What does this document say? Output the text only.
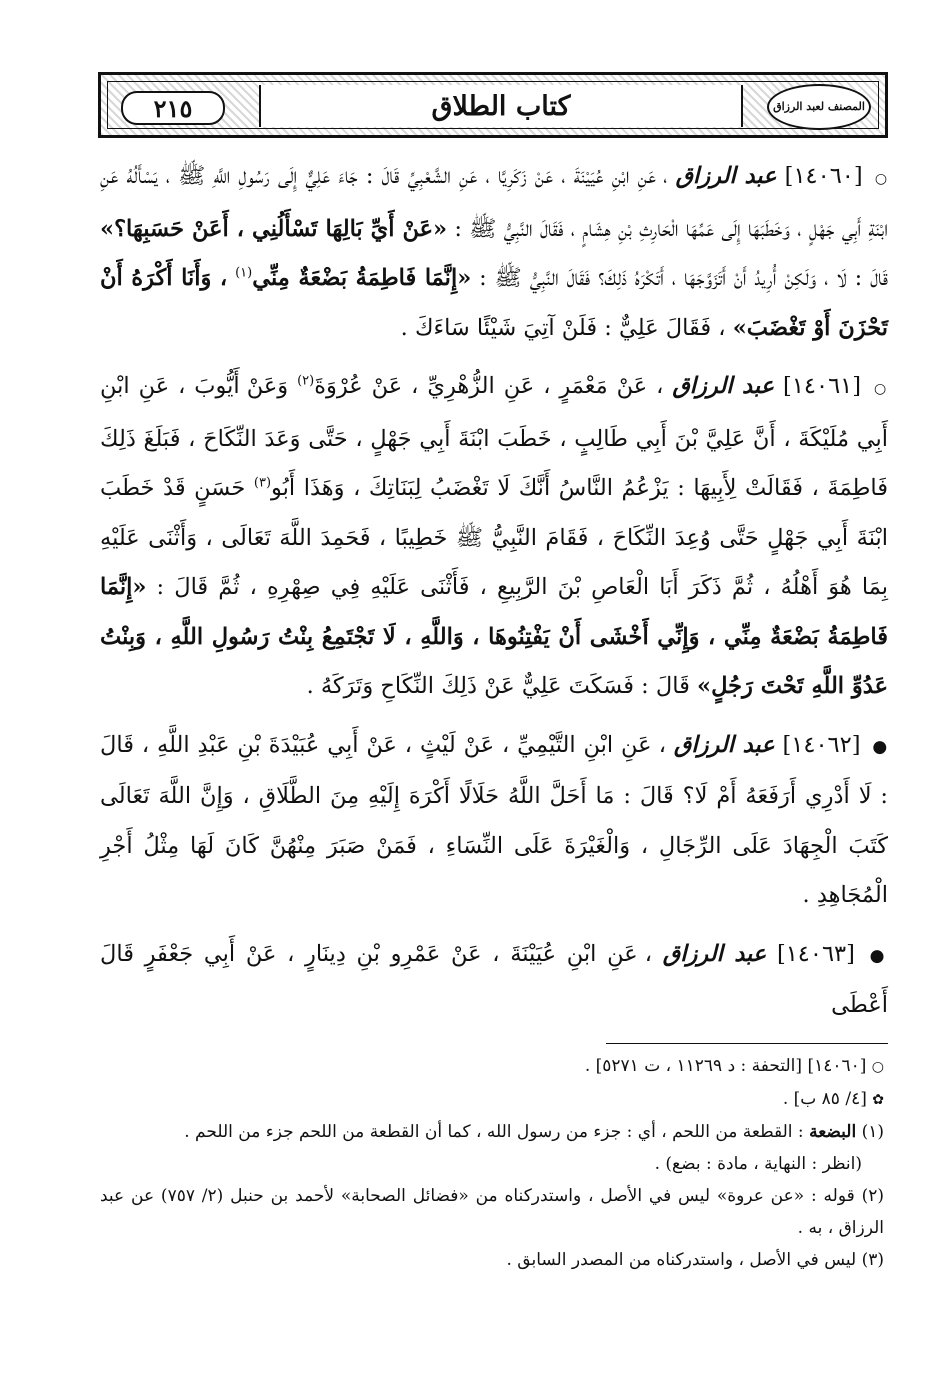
٢١٥	كتاب الطلاق	المصنف لعبد الرزاق

○ [١٤٠٦٠] عبد الرزاق ، عَنِ ابْنِ عُيَيْنَةَ ، عَنْ زَكَرِيَّا ، عَنِ الشَّعْبِيِّ قَالَ : جَاءَ عَلِيٌّ إِلَى رَسُولِ اللَّهِ ﷺ ، يَسْأَلُهُ عَنِ ابْنَةِ أَبِي جَهْلٍ ، وَخَطَبَهَا إِلَى عَمِّهَا الْحَارِثِ بْنِ هِشَامٍ ، فَقَالَ النَّبِيُّ ﷺ : «عَنْ أَيِّ بَالِهَا تَسْأَلُنِي ، أَعَنْ حَسَبِهَا؟» قَالَ : لَا ، وَلَكِنْ أُرِيدُ أَنْ أَتَزَوَّجَهَا ، أَتَكْرَهُ ذَلِكَ؟ فَقَالَ النَّبِيُّ ﷺ : «إِنَّمَا فَاطِمَةُ بَضْعَةٌ مِنِّي$^{(١)}$ ، وَأَنَا أَكْرَهُ أَنْ تَحْزَنَ أَوْ تَغْضَبَ» ، فَقَالَ عَلِيٌّ : فَلَنْ آتِيَ شَيْئًا سَاءَكَ .

○ [١٤٠٦١] عبد الرزاق ، عَنْ مَعْمَرٍ ، عَنِ الزُّهْرِيِّ ، عَنْ عُرْوَةَ$^{(٢)}$ وَعَنْ أَيُّوبَ ، عَنِ ابْنِ أَبِي مُلَيْكَةَ ، أَنَّ عَلِيَّ بْنَ أَبِي طَالِبٍ ، خَطَبَ ابْنَةَ أَبِي جَهْلٍ ، حَتَّى وَعَدَ النِّكَاحَ ، فَبَلَغَ ذَلِكَ فَاطِمَةَ ، فَقَالَتْ لِأَبِيهَا : يَزْعُمُ النَّاسُ أَنَّكَ لَا تَغْضَبُ لِبَنَاتِكَ ، وَهَذَا أَبُو$^{(٣)}$ حَسَنٍ قَدْ خَطَبَ ابْنَةَ أَبِي جَهْلٍ حَتَّى وُعِدَ النِّكَاحَ ، فَقَامَ النَّبِيُّ ﷺ خَطِيبًا ، فَحَمِدَ اللَّهَ تَعَالَى ، وَأَثْنَى عَلَيْهِ بِمَا هُوَ أَهْلُهُ ، ثُمَّ ذَكَرَ أَبَا الْعَاصِ بْنَ الرَّبِيعِ ، فَأَثْنَى عَلَيْهِ فِي صِهْرِهِ ، ثُمَّ قَالَ : «إِنَّمَا فَاطِمَةُ بَضْعَةٌ مِنِّي ، وَإِنِّي أَخْشَى أَنْ يَفْتِنُوهَا ، وَاللَّهِ ، لَا تَجْتَمِعُ بِنْتُ رَسُولِ اللَّهِ ، وَبِنْتُ عَدُوِّ اللَّهِ تَحْتَ رَجُلٍ» قَالَ : فَسَكَتَ عَلِيٌّ عَنْ ذَلِكَ النِّكَاحِ وَتَرَكَهُ .

● [١٤٠٦٢] عبد الرزاق ، عَنِ ابْنِ التَّيْمِيِّ ، عَنْ لَيْثٍ ، عَنْ أَبِي عُبَيْدَةَ بْنِ عَبْدِ اللَّهِ ، قَالَ : لَا أَدْرِي أَرَفَعَهُ أَمْ لَا؟ قَالَ : مَا أَحَلَّ اللَّهُ حَلَالًا أَكْرَهَ إِلَيْهِ مِنَ الطَّلَاقِ ، وَإِنَّ اللَّهَ تَعَالَى كَتَبَ الْجِهَادَ عَلَى الرِّجَالِ ، وَالْغَيْرَةَ عَلَى النِّسَاءِ ، فَمَنْ صَبَرَ مِنْهُنَّ كَانَ لَهَا مِثْلُ أَجْرِ الْمُجَاهِدِ .

● [١٤٠٦٣] عبد الرزاق ، عَنِ ابْنِ عُيَيْنَةَ ، عَنْ عَمْرِو بْنِ دِينَارٍ ، عَنْ أَبِي جَعْفَرٍ قَالَ أَعْطَى

○ [١٤٠٦٠] [التحفة : د ١١٢٦٩ ، ت ٥٢٧١] .

✿ [٤/ ٨٥ ب] .

(١) البضعة : القطعة من اللحم ، أي : جزء من رسول الله ، كما أن القطعة من اللحم جزء من اللحم .

(انظر : النهاية ، مادة : بضع) .

(٢) قوله : «عن عروة» ليس في الأصل ، واستدركناه من «فضائل الصحابة» لأحمد بن حنبل (٢/ ٧٥٧) عن عبد الرزاق ، به .

(٣) ليس في الأصل ، واستدركناه من المصدر السابق .
